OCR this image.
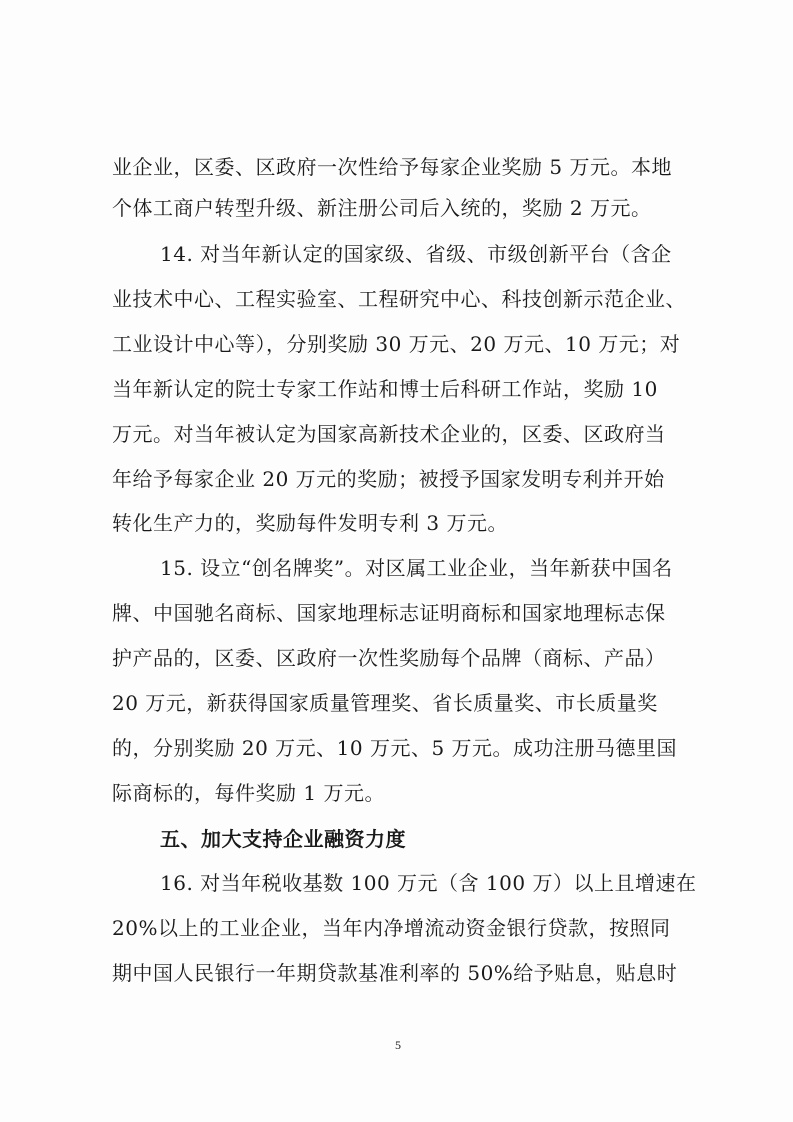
业企业，区委、区政府一次性给予每家企业奖励 5 万元。本地
个体工商户转型升级、新注册公司后入统的，奖励 2 万元。
14. 对当年新认定的国家级、省级、市级创新平台（含企
业技术中心、工程实验室、工程研究中心、科技创新示范企业、
工业设计中心等），分别奖励 30 万元、20 万元、10 万元；对
当年新认定的院士专家工作站和博士后科研工作站，奖励 10
万元。对当年被认定为国家高新技术企业的，区委、区政府当
年给予每家企业 20 万元的奖励；被授予国家发明专利并开始
转化生产力的，奖励每件发明专利 3 万元。
15. 设立“创名牌奖”。对区属工业企业，当年新获中国名
牌、中国驰名商标、国家地理标志证明商标和国家地理标志保
护产品的，区委、区政府一次性奖励每个品牌（商标、产品）
20 万元，新获得国家质量管理奖、省长质量奖、市长质量奖
的，分别奖励 20 万元、10 万元、5 万元。成功注册马德里国
际商标的，每件奖励 1 万元。
五、加大支持企业融资力度
16. 对当年税收基数 100 万元（含 100 万）以上且增速在
20%以上的工业企业，当年内净增流动资金银行贷款，按照同
期中国人民银行一年期贷款基准利率的 50%给予贴息，贴息时
5
